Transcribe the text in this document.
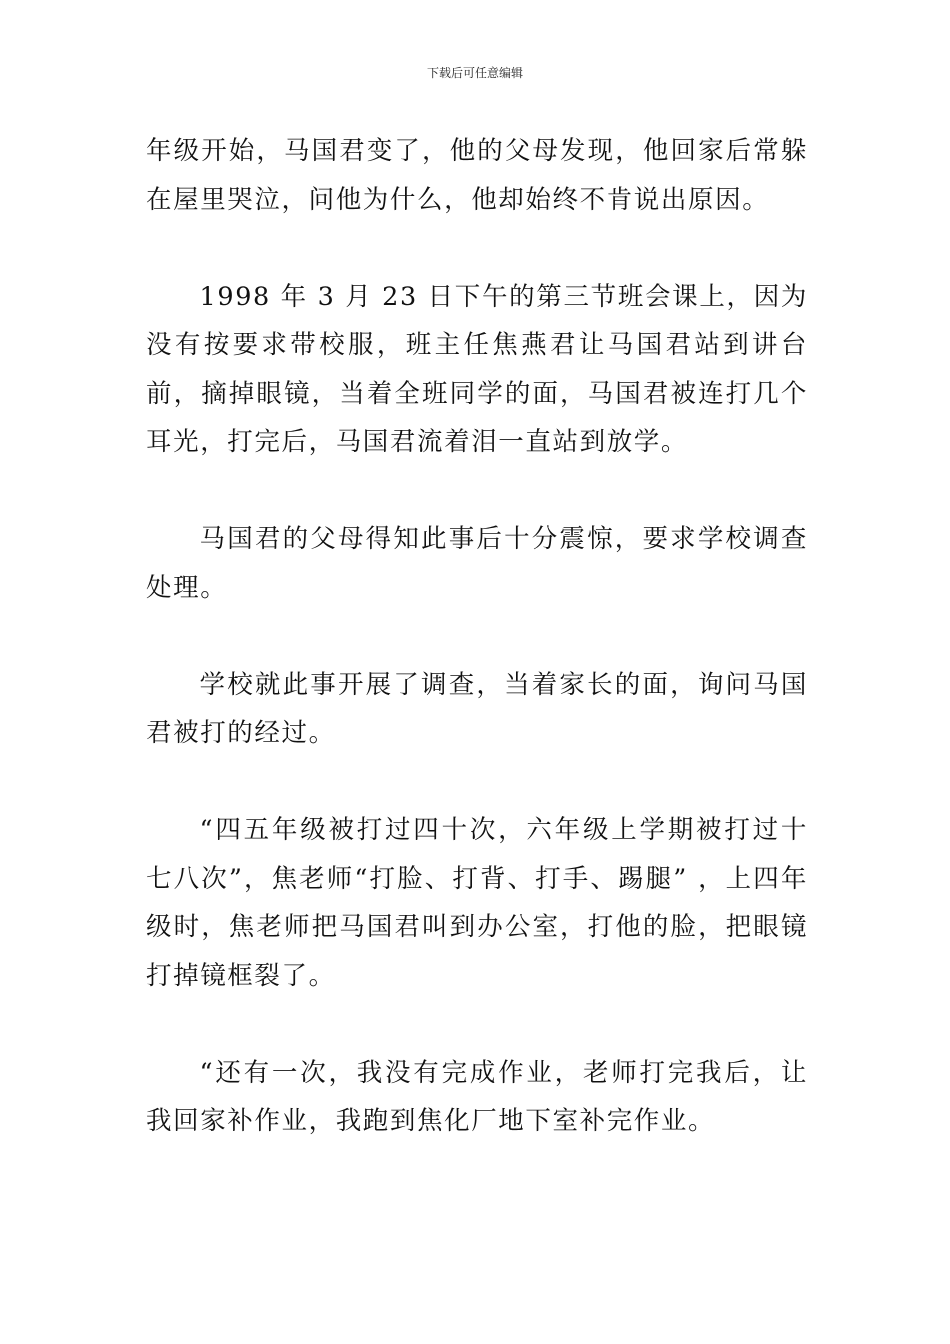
下载后可任意编辑

年级开始，马国君变了，他的父母发现，他回家后常躲在屋里哭泣，问他为什么，他却始终不肯说出原因。

1998 年 3 月 23 日下午的第三节班会课上，因为没有按要求带校服，班主任焦燕君让马国君站到讲台前，摘掉眼镜，当着全班同学的面，马国君被连打几个耳光，打完后，马国君流着泪一直站到放学。

马国君的父母得知此事后十分震惊，要求学校调查处理。

学校就此事开展了调查，当着家长的面，询问马国君被打的经过。

“四五年级被打过四十次，六年级上学期被打过十七八次”，焦老师“打脸、打背、打手、踢腿” ，上四年级时，焦老师把马国君叫到办公室，打他的脸，把眼镜打掉镜框裂了。

“还有一次，我没有完成作业，老师打完我后，让我回家补作业，我跑到焦化厂地下室补完作业。
